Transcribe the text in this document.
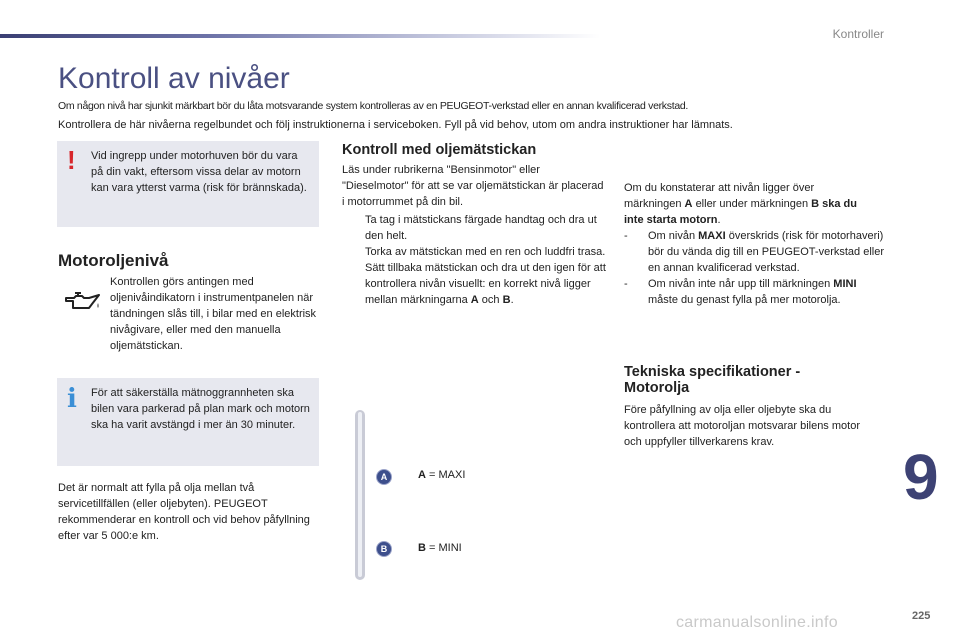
Kontroller
Kontroll av nivåer
Om någon nivå har sjunkit märkbart bör du låta motsvarande system kontrolleras av en PEUGEOT-verkstad eller en annan kvalificerad verkstad.
Kontrollera de här nivåerna regelbundet och följ instruktionerna i serviceboken. Fyll på vid behov, utom om andra instruktioner har lämnats.
! Vid ingrepp under motorhuven bör du vara på din vakt, eftersom vissa delar av motorn kan vara ytterst varma (risk för brännskada).
Motoroljenivå
Kontrollen görs antingen med oljenivåindikatorn i instrumentpanelen när tändningen slås till, i bilar med en elektrisk nivågivare, eller med den manuella oljemätstickan.
i För att säkerställa mätnoggrannheten ska bilen vara parkerad på plan mark och motorn ska ha varit avstängd i mer än 30 minuter.
Det är normalt att fylla på olja mellan två servicetillfällen (eller oljebyten). PEUGEOT rekommenderar en kontroll och vid behov påfyllning efter var 5 000:e km.
Kontroll med oljemätstickan
Läs under rubrikerna "Bensinmotor" eller "Dieselmotor" för att se var oljemätstickan är placerad i motorrummet på din bil.
Ta tag i mätstickans färgade handtag och dra ut den helt.
Torka av mätstickan med en ren och luddfri trasa.
Sätt tillbaka mätstickan och dra ut den igen för att kontrollera nivån visuellt: en korrekt nivå ligger mellan märkningarna A och B.
A	A = MAXI
B	B = MINI
Om du konstaterar att nivån ligger över märkningen A eller under märkningen B ska du inte starta motorn.
- Om nivån MAXI överskrids (risk för motorhaveri) bör du vända dig till en PEUGEOT-verkstad eller en annan kvalificerad verkstad.
- Om nivån inte når upp till märkningen MINI måste du genast fylla på mer motorolja.
Tekniska specifikationer - Motorolja
Före påfyllning av olja eller oljebyte ska du kontrollera att motoroljan motsvarar bilens motor och uppfyller tillverkarens krav.	9
225
carmanualsonline.info
